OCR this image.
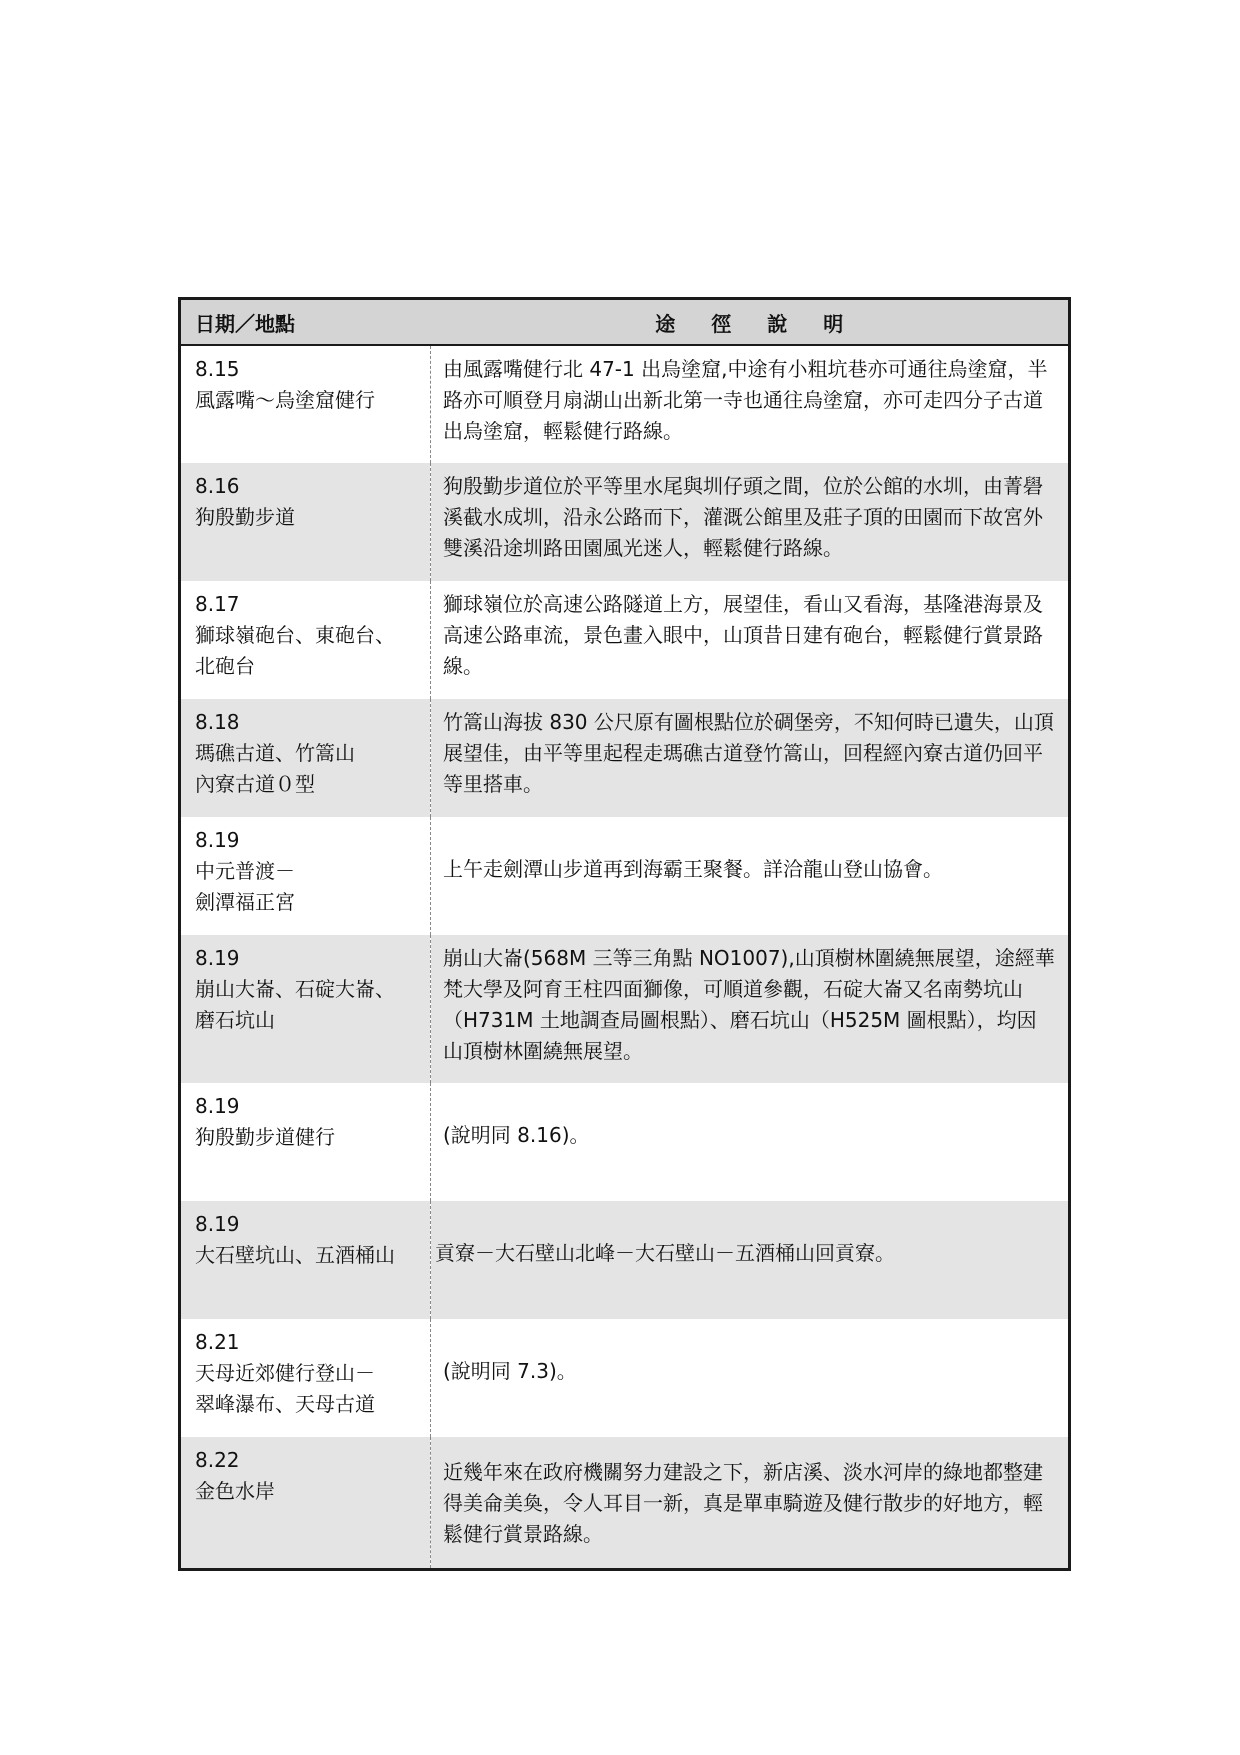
日期／地點	途徑說明

8.15
風露嘴～烏塗窟健行	由風露嘴健行北 47-1 出烏塗窟,中途有小粗坑巷亦可通往烏塗窟，半路亦可順登月扇湖山出新北第一寺也通往烏塗窟，亦可走四分子古道出烏塗窟，輕鬆健行路線。

8.16
狗殷勤步道	狗殷勤步道位於平等里水尾與圳仔頭之間，位於公館的水圳，由菁礐溪截水成圳，沿永公路而下，灌溉公館里及莊子頂的田園而下故宮外雙溪沿途圳路田園風光迷人，輕鬆健行路線。

8.17
獅球嶺砲台、東砲台、
北砲台	獅球嶺位於高速公路隧道上方，展望佳，看山又看海，基隆港海景及高速公路車流，景色畫入眼中，山頂昔日建有砲台，輕鬆健行賞景路線。

8.18
瑪礁古道、竹篙山
內寮古道０型	竹篙山海拔 830 公尺原有圖根點位於碉堡旁，不知何時已遺失，山頂展望佳，由平等里起程走瑪礁古道登竹篙山，回程經內寮古道仍回平等里搭車。

8.19
中元普渡－
劍潭福正宮	上午走劍潭山步道再到海霸王聚餐。詳洽龍山登山協會。

8.19
崩山大崙、石碇大崙、
磨石坑山	崩山大崙(568M 三等三角點 NO1007),山頂樹林圍繞無展望，途經華梵大學及阿育王柱四面獅像，可順道參觀，石碇大崙又名南勢坑山（H731M 土地調查局圖根點）、磨石坑山（H525M 圖根點），均因山頂樹林圍繞無展望。

8.19
狗殷勤步道健行	(說明同 8.16)。

8.19
大石壁坑山、五酒桶山	貢寮－大石壁山北峰－大石壁山－五酒桶山回貢寮。

8.21
天母近郊健行登山－
翠峰瀑布、天母古道	(說明同 7.3)。

8.22
金色水岸	近幾年來在政府機關努力建設之下，新店溪、淡水河岸的綠地都整建得美侖美奐，令人耳目一新，真是單車騎遊及健行散步的好地方，輕鬆健行賞景路線。
